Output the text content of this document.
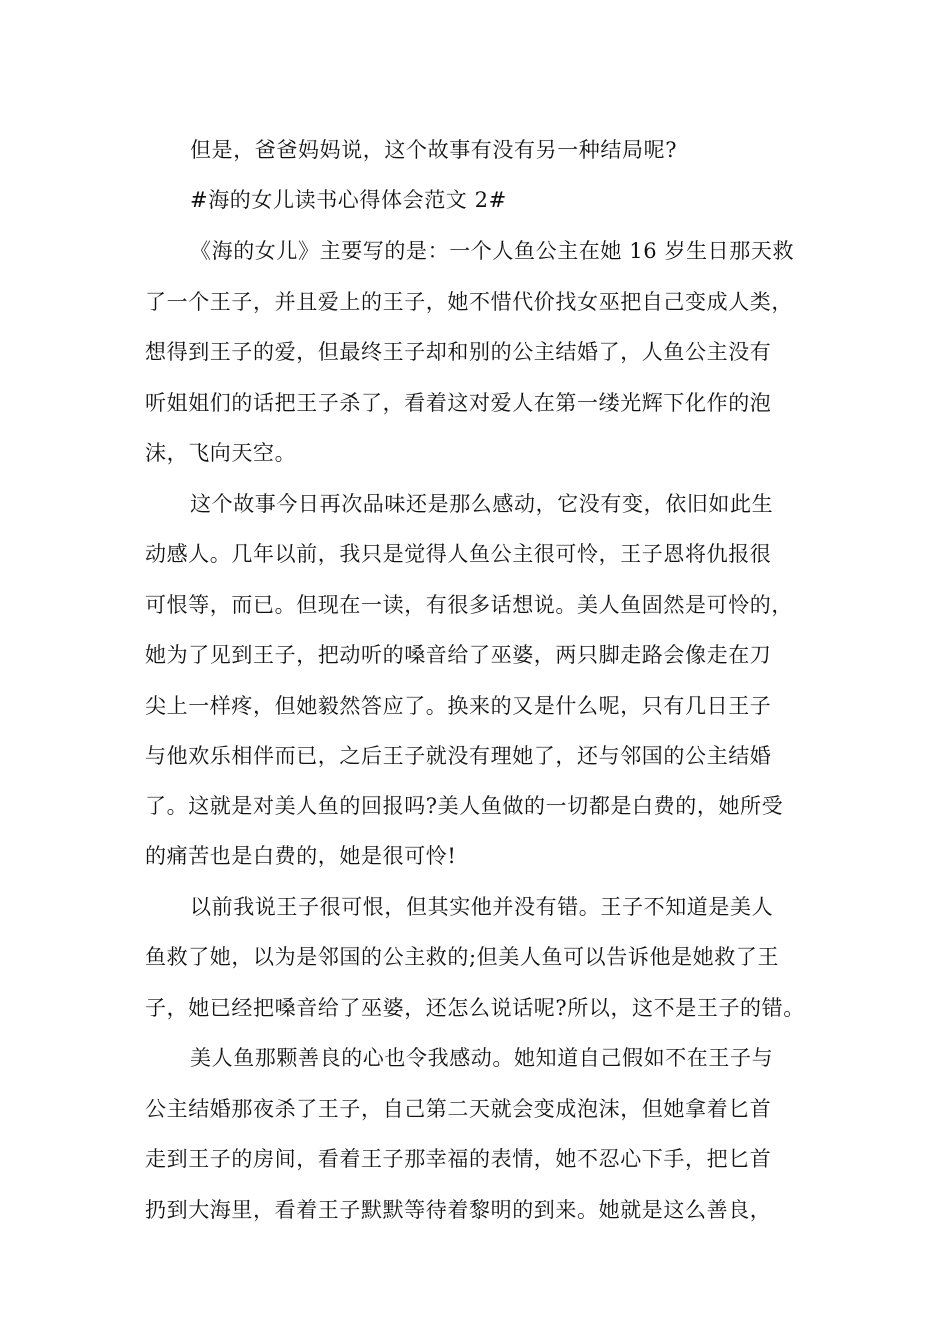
但是，爸爸妈妈说，这个故事有没有另一种结局呢?
#海的女儿读书心得体会范文 2#
《海的女儿》主要写的是：一个人鱼公主在她 16 岁生日那天救
了一个王子，并且爱上的王子，她不惜代价找女巫把自己变成人类，
想得到王子的爱，但最终王子却和别的公主结婚了，人鱼公主没有
听姐姐们的话把王子杀了，看着这对爱人在第一缕光辉下化作的泡
沫，飞向天空。
这个故事今日再次品味还是那么感动，它没有变，依旧如此生
动感人。几年以前，我只是觉得人鱼公主很可怜，王子恩将仇报很
可恨等，而已。但现在一读，有很多话想说。美人鱼固然是可怜的，
她为了见到王子，把动听的嗓音给了巫婆，两只脚走路会像走在刀
尖上一样疼，但她毅然答应了。换来的又是什么呢，只有几日王子
与他欢乐相伴而已，之后王子就没有理她了，还与邻国的公主结婚
了。这就是对美人鱼的回报吗?美人鱼做的一切都是白费的，她所受
的痛苦也是白费的，她是很可怜!
以前我说王子很可恨，但其实他并没有错。王子不知道是美人
鱼救了她，以为是邻国的公主救的;但美人鱼可以告诉他是她救了王
子，她已经把嗓音给了巫婆，还怎么说话呢?所以，这不是王子的错。
美人鱼那颗善良的心也令我感动。她知道自己假如不在王子与
公主结婚那夜杀了王子，自己第二天就会变成泡沫，但她拿着匕首
走到王子的房间，看着王子那幸福的表情，她不忍心下手，把匕首
扔到大海里，看着王子默默等待着黎明的到来。她就是这么善良，
